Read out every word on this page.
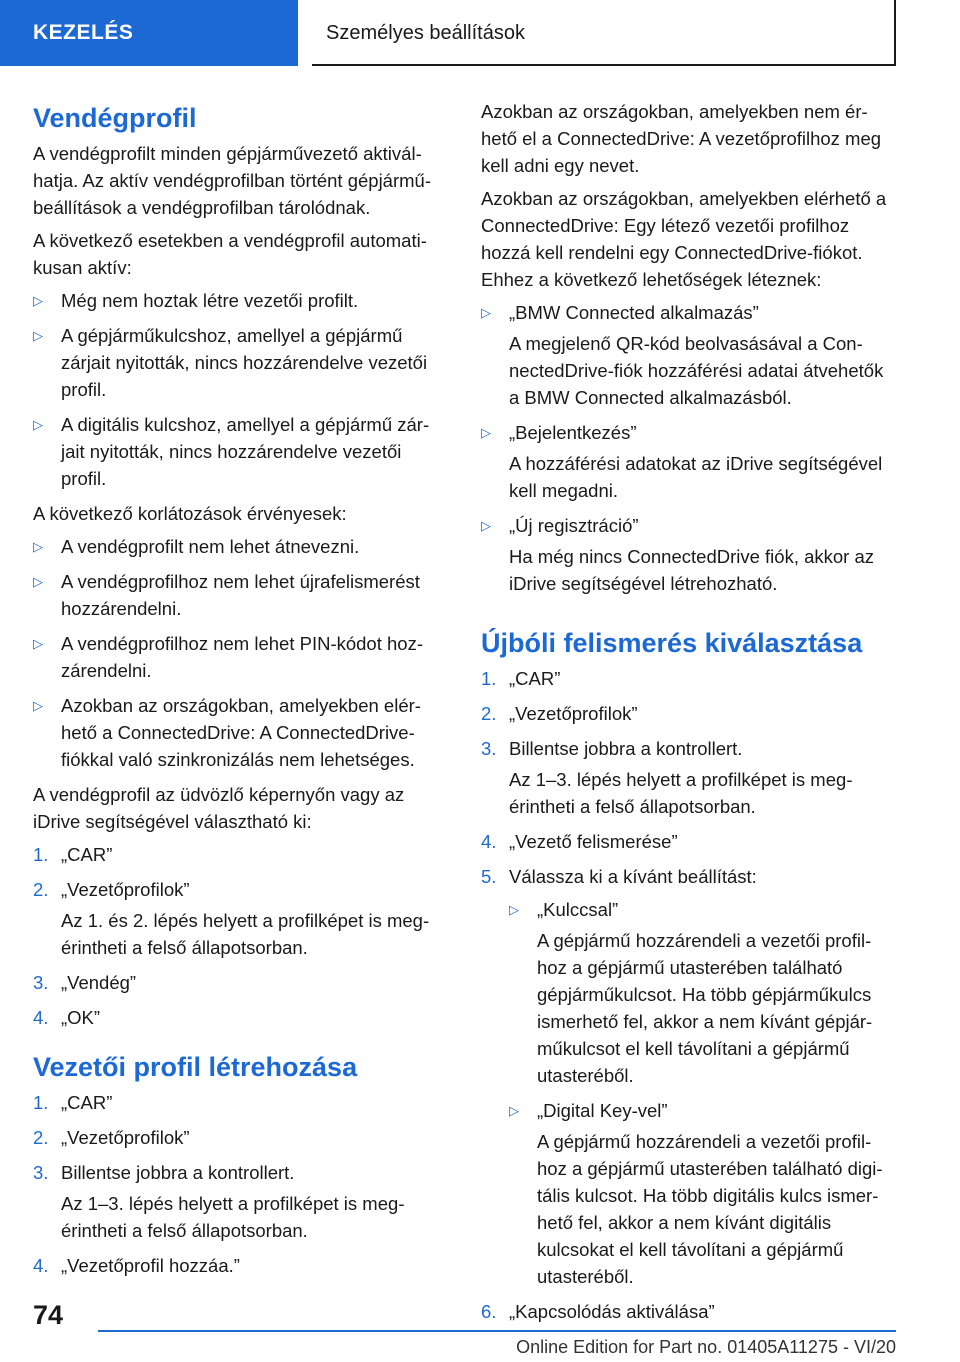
KEZELÉS	Személyes beállítások
Vendégprofil

A vendégprofilt minden gépjárművezető aktiválhatja. Az aktív vendégprofilban történt gépjármű-beállítások a vendégprofilban tárolódnak.

A következő esetekben a vendégprofil automatikusan aktív:

▷ Még nem hoztak létre vezetői profilt.
▷ A gépjárműkulcshoz, amellyel a gépjármű zárjait nyitották, nincs hozzárendelve vezetői profil.
▷ A digitális kulcshoz, amellyel a gépjármű zárjait nyitották, nincs hozzárendelve vezetői profil.

A következő korlátozások érvényesek:

▷ A vendégprofilt nem lehet átnevezni.
▷ A vendégprofilhoz nem lehet újrafelismerést hozzárendelni.
▷ A vendégprofilhoz nem lehet PIN-kódot hozzárendelni.
▷ Azokban az országokban, amelyekben elérhető a ConnectedDrive: A ConnectedDrive-fiókkal való szinkronizálás nem lehetséges.

A vendégprofil az üdvözlő képernyőn vagy az iDrive segítségével választható ki:

1. „CAR”
2. „Vezetőprofilok”
Az 1. és 2. lépés helyett a profilképet is megérintheti a felső állapotsorban.
3. „Vendég”
4. „OK”
Vezetői profil létrehozása
1. „CAR”
2. „Vezetőprofilok”
3. Billentse jobbra a kontrollert.
Az 1–3. lépés helyett a profilképet is megérintheti a felső állapotsorban.
4. „Vezetőprofil hozzáa.”

Azokban az országokban, amelyekben nem érhető el a ConnectedDrive: A vezetőprofilhoz meg kell adni egy nevet.

Azokban az országokban, amelyekben elérhető a ConnectedDrive: Egy létező vezetői profilhoz hozzá kell rendelni egy ConnectedDrive-fiókot. Ehhez a következő lehetőségek léteznek:

▷ „BMW Connected alkalmazás”
A megjelenő QR-kód beolvasásával a ConnectedDrive-fiók hozzáférési adatai átvehetők a BMW Connected alkalmazásból.
▷ „Bejelentkezés”
A hozzáférési adatokat az iDrive segítségével kell megadni.
▷ „Új regisztráció”
Ha még nincs ConnectedDrive fiók, akkor az iDrive segítségével létrehozható.
Újbóli felismerés kiválasztása
1. „CAR”
2. „Vezetőprofilok”
3. Billentse jobbra a kontrollert.
Az 1–3. lépés helyett a profilképet is megérintheti a felső állapotsorban.
4. „Vezető felismerése”
5. Válassza ki a kívánt beállítást:
▷ „Kulccsal”
A gépjármű hozzárendeli a vezetői profilhoz a gépjármű utasterében található gépjárműkulcsot. Ha több gépjárműkulcs ismerhető fel, akkor a nem kívánt gépjárműkulcsot el kell távolítani a gépjármű utasteréből.
▷ „Digital Key-vel”
A gépjármű hozzárendeli a vezetői profilhoz a gépjármű utasterében található digitális kulcsot. Ha több digitális kulcs ismerhető fel, akkor a nem kívánt digitális kulcsokat el kell távolítani a gépjármű utasteréből.
6. „Kapcsolódás aktiválása”
74
Online Edition for Part no. 01405A11275 - VI/20
